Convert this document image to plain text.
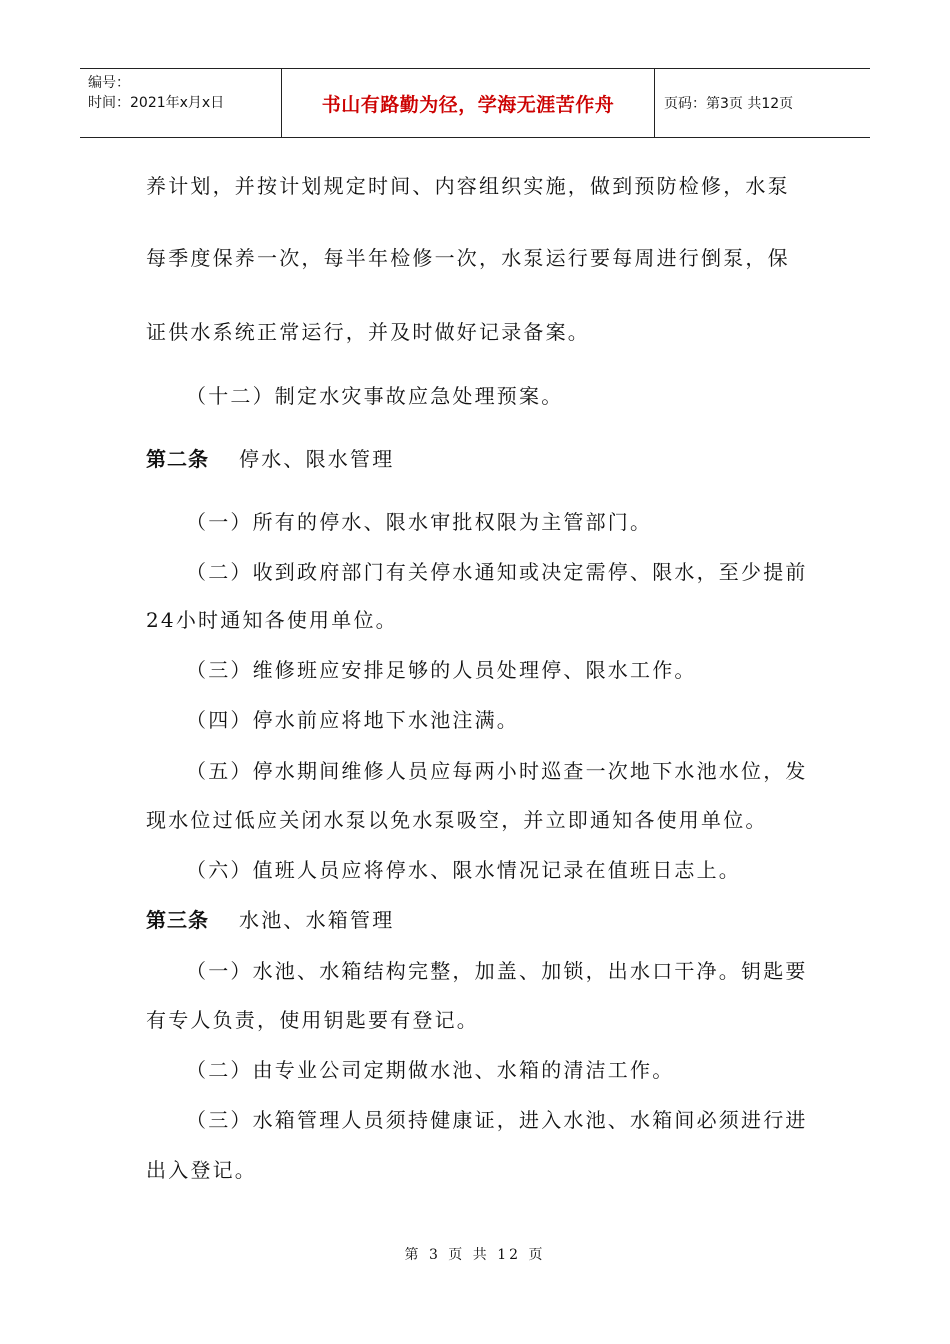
编号：
时间：2021年x月x日	书山有路勤为径，学海无涯苦作舟	页码：第3页 共12页
养计划，并按计划规定时间、内容组织实施，做到预防检修，水泵
每季度保养一次，每半年检修一次，水泵运行要每周进行倒泵，保
证供水系统正常运行，并及时做好记录备案。
（十二）制定水灾事故应急处理预案。
第二条 停水、限水管理
（一）所有的停水、限水审批权限为主管部门。
（二）收到政府部门有关停水通知或决定需停、限水，至少提前
24小时通知各使用单位。
（三）维修班应安排足够的人员处理停、限水工作。
（四）停水前应将地下水池注满。
（五）停水期间维修人员应每两小时巡查一次地下水池水位，发
现水位过低应关闭水泵以免水泵吸空，并立即通知各使用单位。
（六）值班人员应将停水、限水情况记录在值班日志上。
第三条 水池、水箱管理
（一）水池、水箱结构完整，加盖、加锁，出水口干净。钥匙要
有专人负责，使用钥匙要有登记。
（二）由专业公司定期做水池、水箱的清洁工作。
（三）水箱管理人员须持健康证，进入水池、水箱间必须进行进
出入登记。
第 3 页 共 12 页
